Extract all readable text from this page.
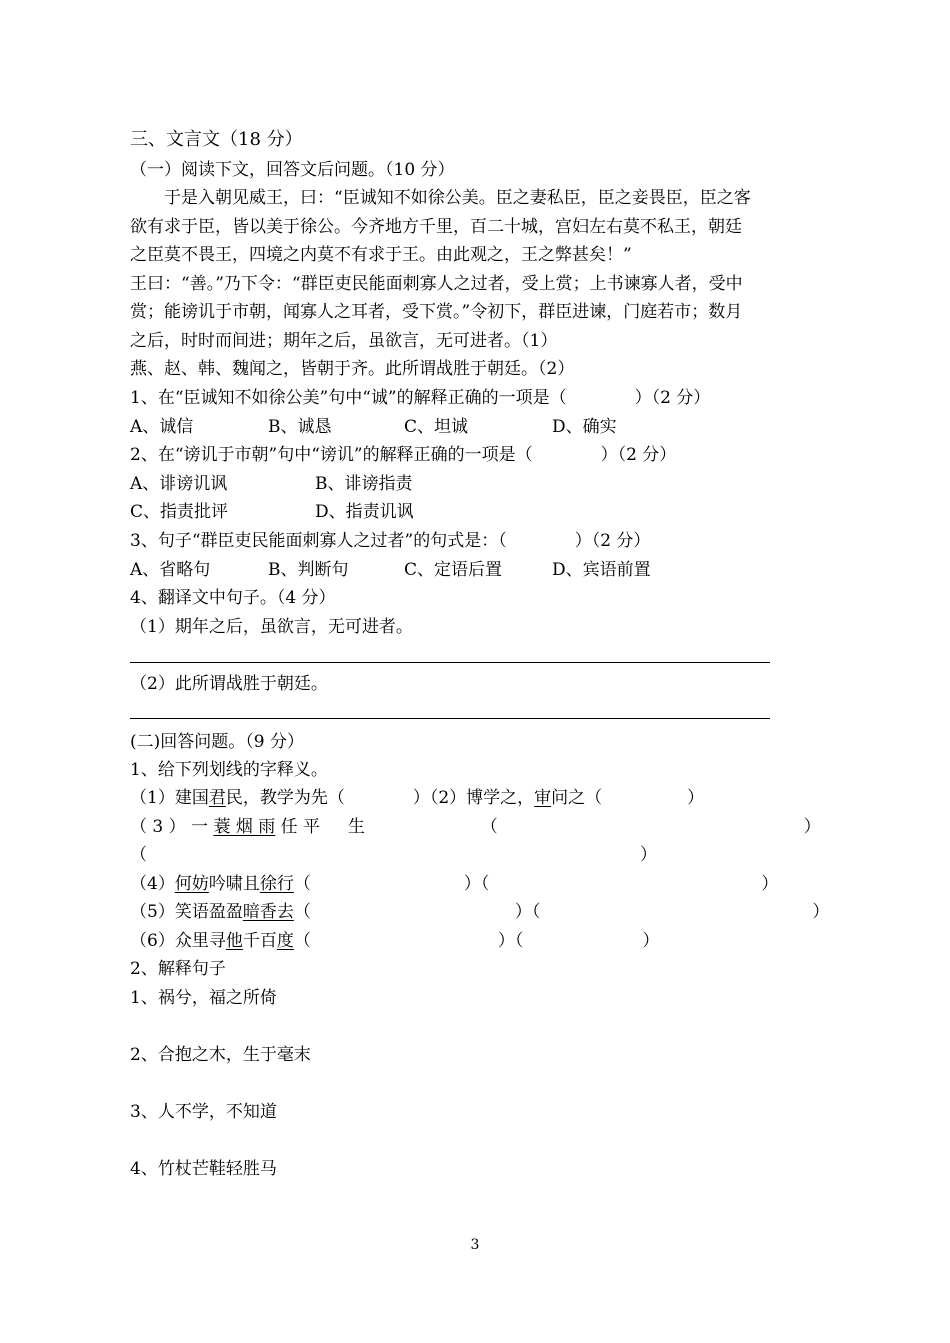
三、文言文（18 分）
（一）阅读下文，回答文后问题。（10 分）
　　于是入朝见威王，曰：“臣诚知不如徐公美。臣之妻私臣，臣之妾畏臣，臣之客
欲有求于臣，皆以美于徐公。今齐地方千里，百二十城，宫妇左右莫不私王，朝廷
之臣莫不畏王，四境之内莫不有求于王。由此观之，王之弊甚矣！”
王曰：“善。”乃下令：“群臣吏民能面刺寡人之过者，受上赏；上书谏寡人者，受中
赏；能谤讥于市朝，闻寡人之耳者，受下赏。”令初下，群臣进谏，门庭若市；数月
之后，时时而间进；期年之后，虽欲言，无可进者。（1）
燕、赵、韩、魏闻之，皆朝于齐。此所谓战胜于朝廷。（2）
1、在“臣诚知不如徐公美”句中“诚”的解释正确的一项是（　　　　）（2 分）
A、诚信	B、诚恳	C、坦诚	D、确实
2、在“谤讥于市朝”句中“谤讥”的解释正确的一项是（　　　　）（2 分）
A、诽谤讥讽	B、诽谤指责
C、指责批评	D、指责讥讽
3、句子“群臣吏民能面刺寡人之过者”的句式是：（　　　　）（2 分）
A、省略句	B、判断句	C、定语后置	D、宾语前置
4、翻译文中句子。（4 分）
（1）期年之后，虽欲言，无可进者。
（2）此所谓战胜于朝廷。
(二)回答问题。（9 分）
1、给下列划线的字释义。
（1）建国君民，教学为先（　　　　）（2）博学之，审问之（　　　　　）
（ 3 ） 一 蓑 烟 雨 任 平 　 生 　　　　　　　（　　　　　　　　　　　　　　　　　　）
（　　　　　　　　　　　　　　　　　　　　　　　　　　　　　）
（4）何妨吟啸且徐行（　　　　　　　　　）（　　　　　　　　　　　　　　　　）
（5）笑语盈盈暗香去（　　　　　　　　　　　　）（　　　　　　　　　　　　　　　　）
（6）众里寻他千百度（　　　　　　　　　　　）（　　　　　　　）
2、解释句子
1、祸兮，福之所倚
2、合抱之木，生于毫末
3、人不学，不知道
4、竹杖芒鞋轻胜马
3
